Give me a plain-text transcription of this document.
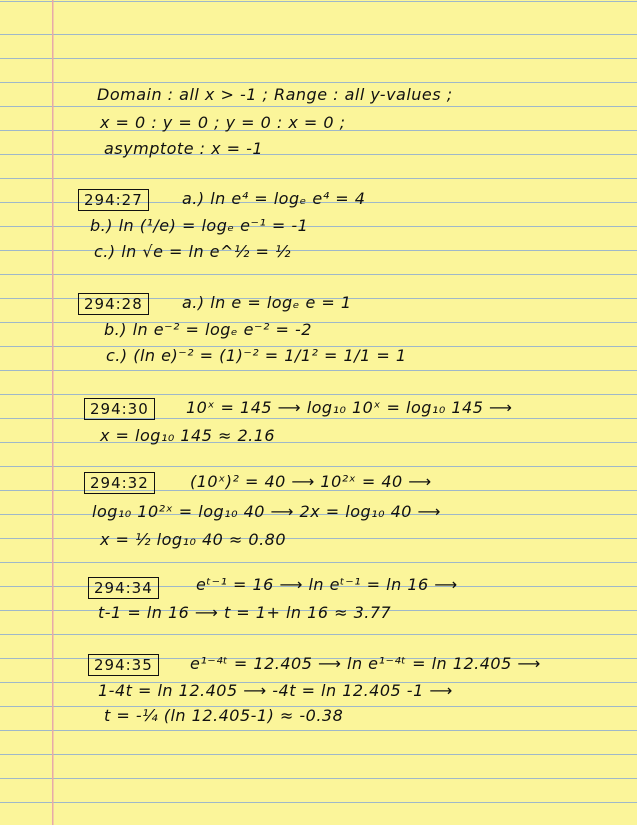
Domain : all x > -1 ; Range : all y-values ;
x = 0 : y = 0 ; y = 0 : x = 0 ;
asymptote : x = -1
294:27	a.) ln e⁴ = logₑ e⁴ = 4
b.) ln (¹/e) = logₑ e⁻¹ = -1
c.) ln √e = ln e^½ = ½
294:28	a.) ln e = logₑ e = 1
b.) ln e⁻² = logₑ e⁻² = -2
c.) (ln e)⁻² = (1)⁻² = 1/1² = 1/1 = 1
294:30	10ˣ = 145 ⟶ log₁₀ 10ˣ = log₁₀ 145 ⟶
x = log₁₀ 145 ≈ 2.16
294:32	(10ˣ)² = 40 ⟶ 10²ˣ = 40 ⟶
log₁₀ 10²ˣ = log₁₀ 40 ⟶ 2x = log₁₀ 40 ⟶
x = ½ log₁₀ 40 ≈ 0.80
294:34	eᵗ⁻¹ = 16 ⟶ ln eᵗ⁻¹ = ln 16 ⟶
t-1 = ln 16 ⟶ t = 1+ ln 16 ≈ 3.77
294:35	e¹⁻⁴ᵗ = 12.405 ⟶ ln e¹⁻⁴ᵗ = ln 12.405 ⟶
1-4t = ln 12.405 ⟶ -4t = ln 12.405 -1 ⟶
t = -¼ (ln 12.405-1) ≈ -0.38
